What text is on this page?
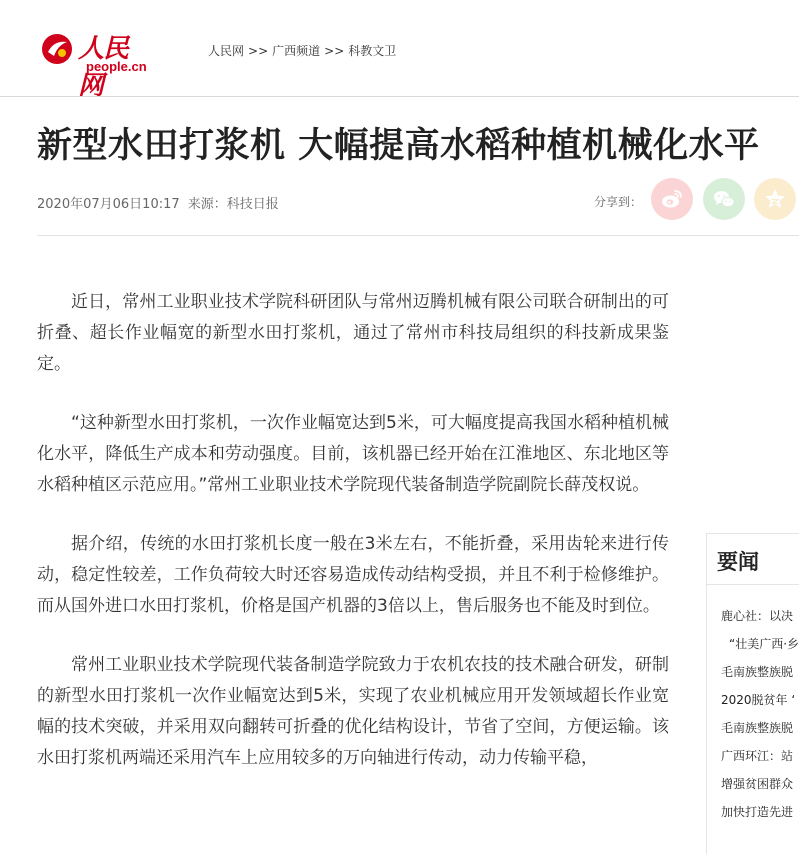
人民网
people.cn
人民网 >> 广西频道 >> 科教文卫
新型水田打浆机 大幅提高水稻种植机械化水平
2020年07月06日10:17 来源：科技日报	分享到：

近日，常州工业职业技术学院科研团队与常州迈腾机械有限公司联合研制出的可折叠、超长作业幅宽的新型水田打浆机，通过了常州市科技局组织的科技新成果鉴定。

“这种新型水田打浆机，一次作业幅宽达到5米，可大幅度提高我国水稻种植机械化水平，降低生产成本和劳动强度。目前，该机器已经开始在江淮地区、东北地区等水稻种植区示范应用。”常州工业职业技术学院现代装备制造学院副院长薛茂权说。

据介绍，传统的水田打浆机长度一般在3米左右，不能折叠，采用齿轮来进行传动，稳定性较差，工作负荷较大时还容易造成传动结构受损，并且不利于检修维护。而从国外进口水田打浆机，价格是国产机器的3倍以上，售后服务也不能及时到位。

常州工业职业技术学院现代装备制造学院致力于农机农技的技术融合研发，研制的新型水田打浆机一次作业幅宽达到5米，实现了农业机械应用开发领域超长作业宽幅的技术突破，并采用双向翻转可折叠的优化结构设计，节省了空间，方便运输。该水田打浆机两端还采用汽车上应用较多的万向轴进行传动，动力传输平稳，

要闻
鹿心社：以决
“壮美广西·乡
毛南族整族脱
2020脱贫年 ‘
毛南族整族脱
广西环江：站
增强贫困群众
加快打造先进
